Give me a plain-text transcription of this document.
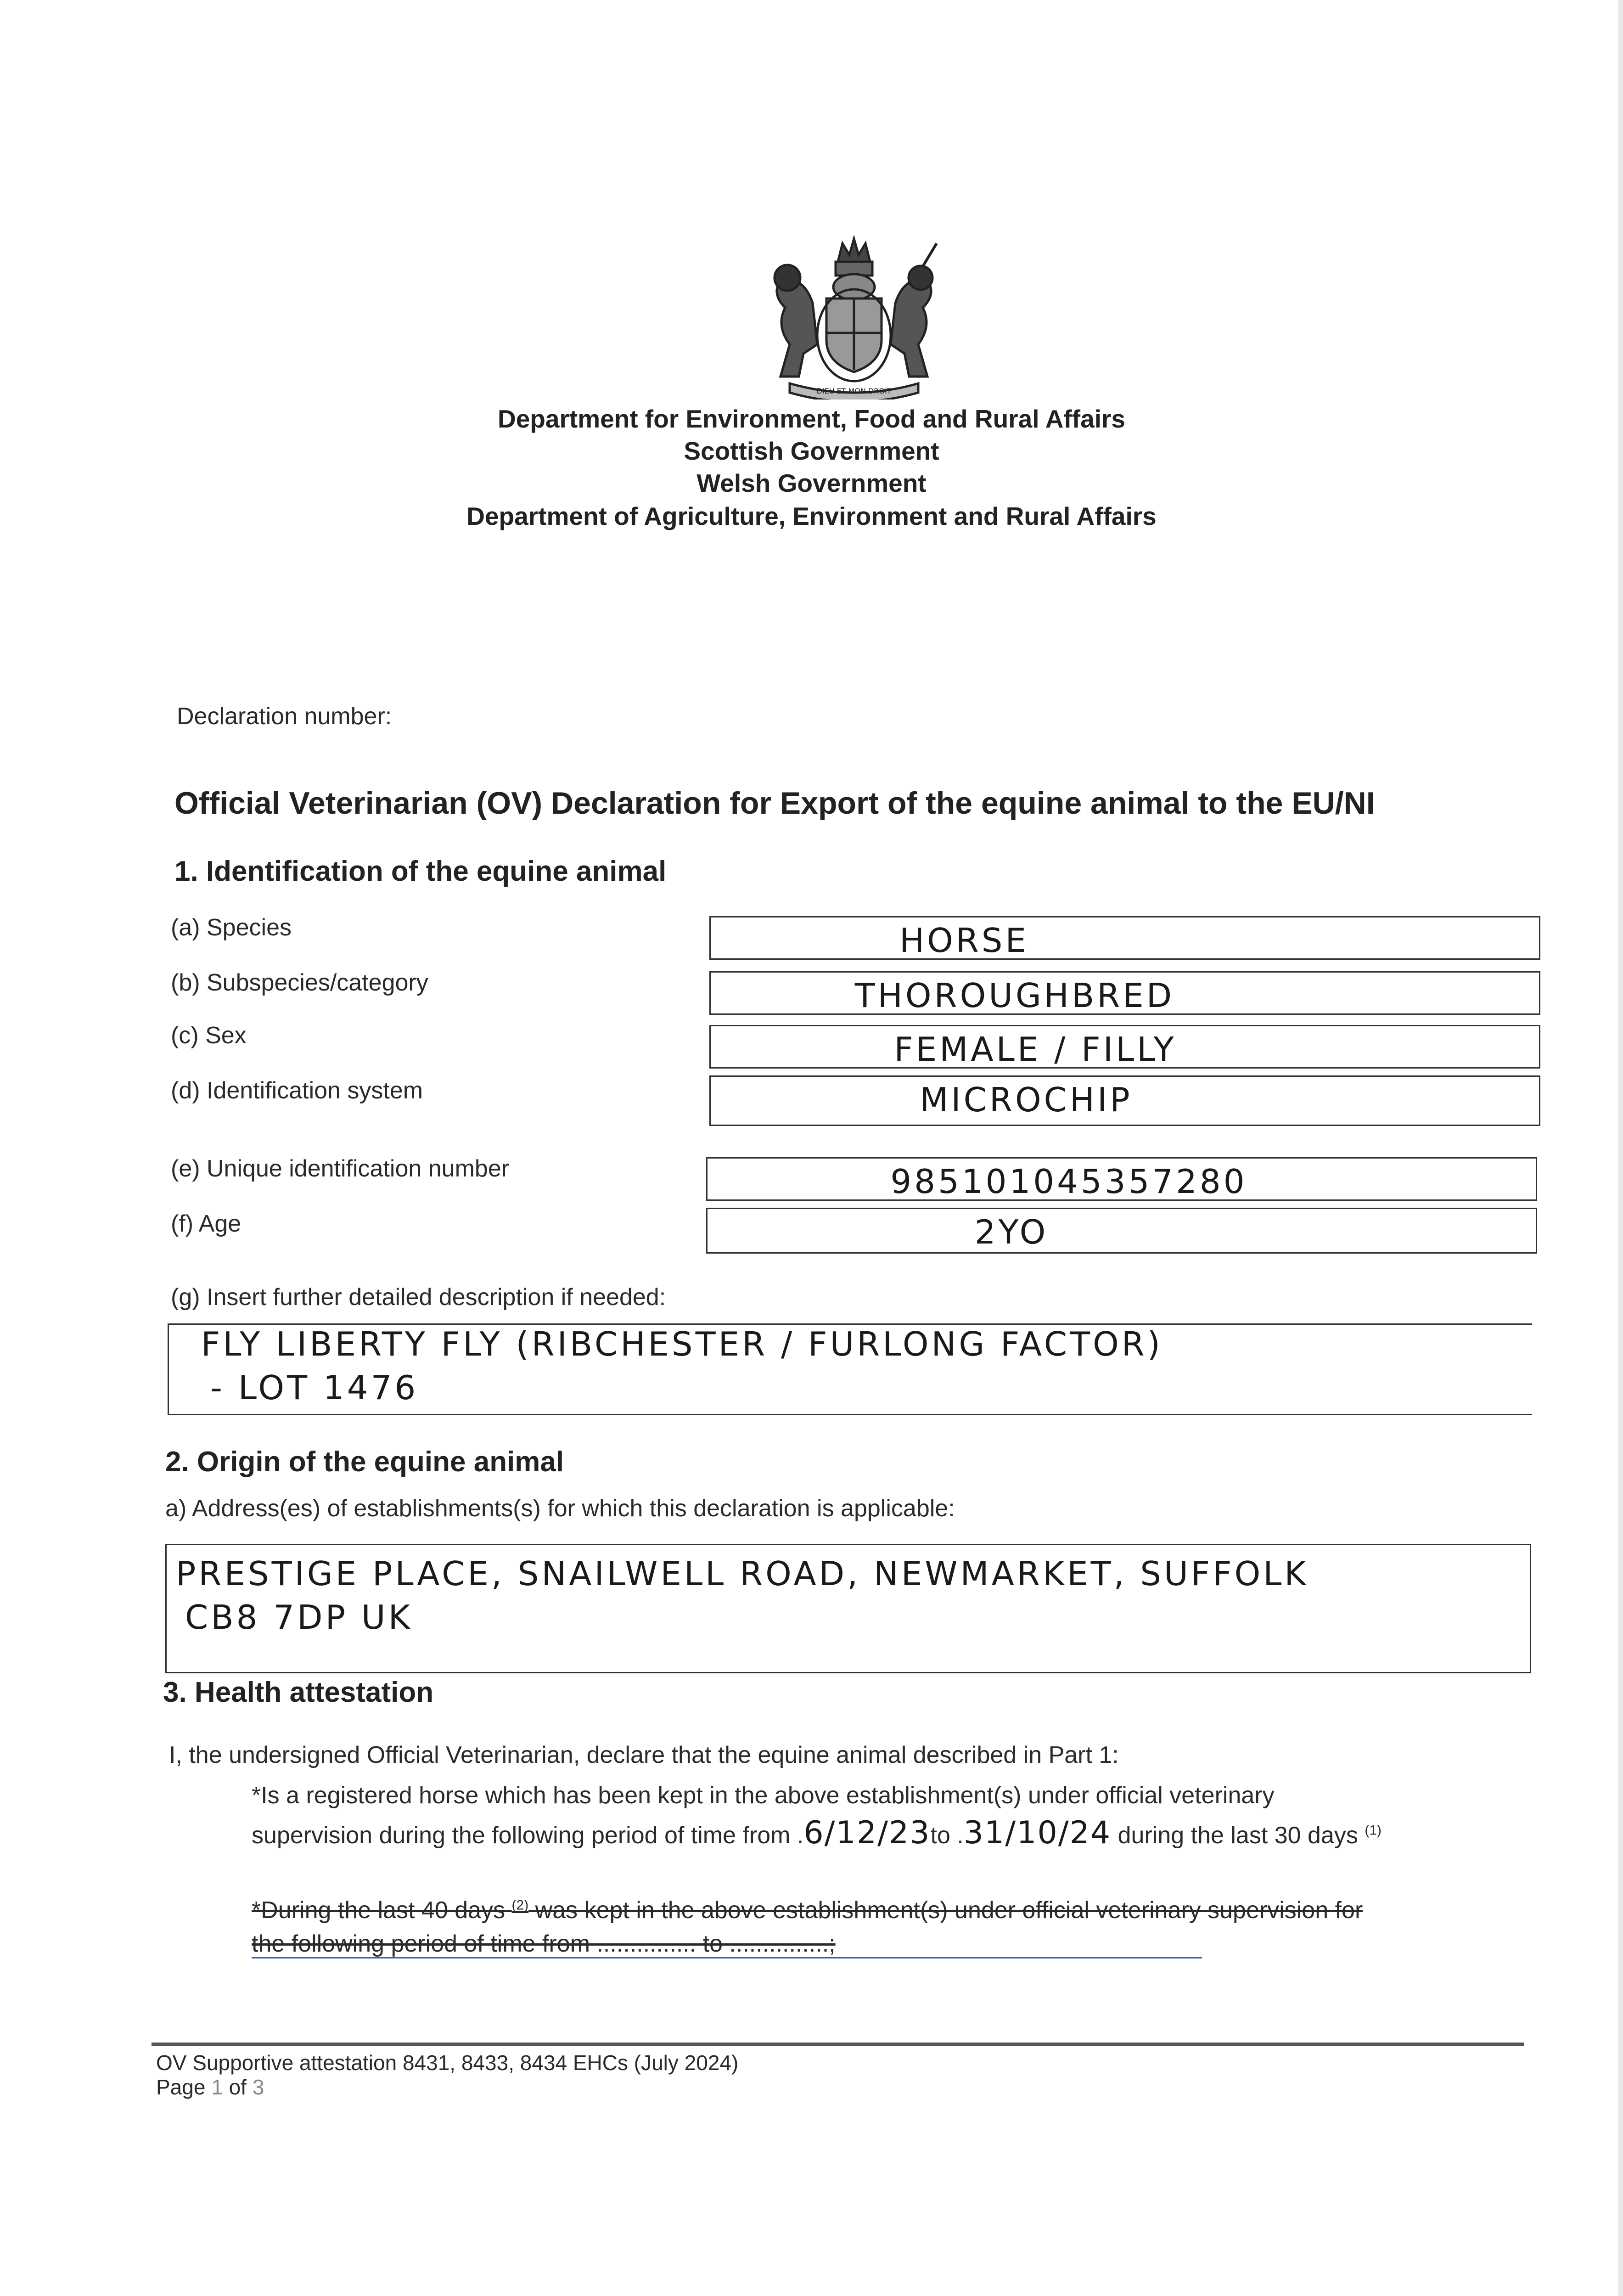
DIEU ET MON DROIT
Department for Environment, Food and Rural Affairs
Scottish Government
Welsh Government
Department of Agriculture, Environment and Rural Affairs
Declaration number:
Official Veterinarian (OV) Declaration for Export of the equine animal to the EU/NI
1. Identification of the equine animal
(a) Species	HORSE
(b) Subspecies/category	THOROUGHBRED
(c) Sex	FEMALE / FILLY
(d) Identification system	MICROCHIP
(e) Unique identification number	985101045357280
(f) Age	2YO
(g) Insert further detailed description if needed:
FLY LIBERTY FLY (RIBCHESTER / FURLONG FACTOR)
- LOT 1476
2. Origin of the equine animal
a) Address(es) of establishments(s) for which this declaration is applicable:
PRESTIGE PLACE, SNAILWELL ROAD, NEWMARKET, SUFFOLK
CB8 7DP UK
3. Health attestation
I, the undersigned Official Veterinarian, declare that the equine animal described in Part 1:
*Is a registered horse which has been kept in the above establishment(s) under official veterinary
supervision during the following period of time from .6/12/23to .31/10/24 during the last 30 days $^{(1)}$
*During the last 40 days $^{(2)}$ was kept in the above establishment(s) under official veterinary supervision for
the following period of time from ............... to ...............;
OV Supportive attestation 8431, 8433, 8434 EHCs (July 2024)
Page 1 of 3
